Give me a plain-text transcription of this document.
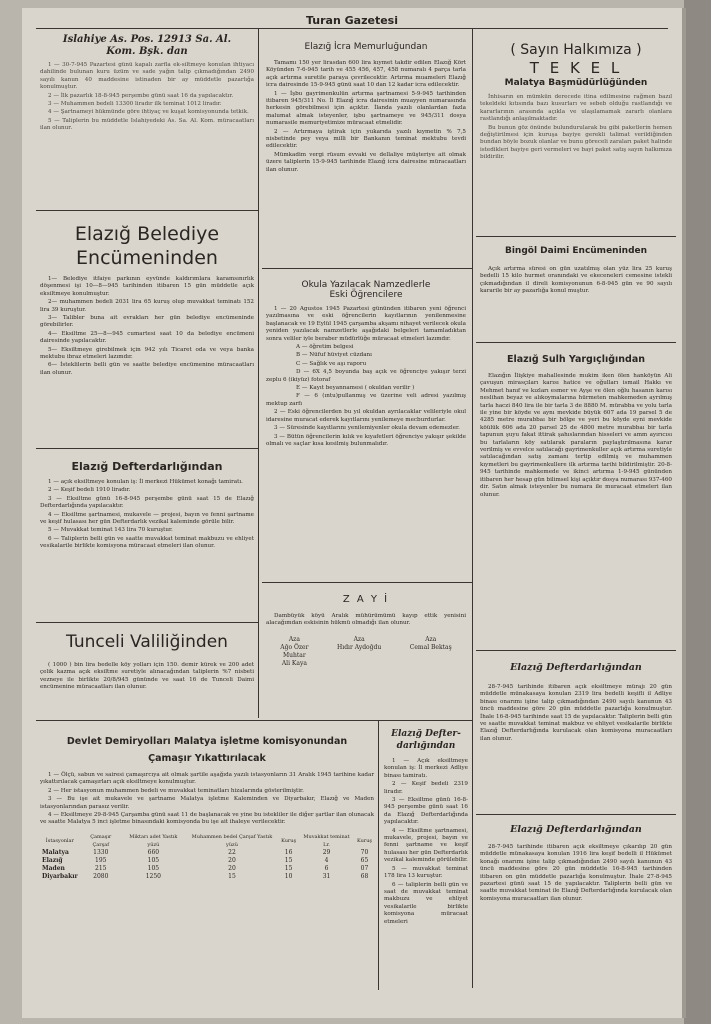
Turan Gazetesi
Islahiye As. Pos. 12913 Sa. Al.
Kom. Bşk. dan

1 — 30-7-945 Pazartesi günü kapalı zarfla ek-siltmeye konulan ihtiyacı dahilinde bulunan kuru üzüm ve sade yağın talip çıkmadığından 2490 sayılı kanun 40 maddesine istinaden bir ay müddetle pazarlığa konulmuştur.

2 — İlk pazarlık 18-8-945 perşembe günü saat 16 da yapılacaktır.

3 — Muhammen bedeli 13300 liradır ilk teminat 1012 liradır.

4 — Şartnameyi hükmünde göre ihtiyaç ve kuşat komisyonunda tetkik.

5 — Taliplerin bu müddetle Islahiyedeki As. Sa. Al. Kom. müracaatları ilan olunur.

Elazığ Belediye
Encümeninden

1— Belediye itfaiye parkının eyvünde kaldırımlara karamsınırlık döşenmesi işi 10—8—945 tarihinden itibaren 15 gün müddetle açık eksiltmeye konulmuştur.

2— muhammen bedeli 2031 lira 65 kuruş olup muvakkat teminatı 152 lira 39 kuruştur.

3— Talibler buna ait evrakları her gün belediye encümeninde görebilirler.

4— Eksiltme 25—8—945 cumartesi saat 10 da belediye encümeni dairesinde yapılacaktır.

5— Eksiltmeye girebilmek için 942 yılı Ticaret oda ve veya banka mektubu ibraz etmeleri lazımdır.

6— İsteklilerin belli gün ve saatte belediye encümenine müracaatları ilan olunur.

Elazığ Defterdarlığından

1 — açık eksiltmeye konulan iş: İl merkezi Hükümet konağı tamiratı.

2 — Keşif bedeli 1910 liradır.

3 — Eksiltme günü 16-8-945 perşembe günü saat 15 de Elazığ Defterdarlığında yapılacaktır.

4 — Eksiltme şartnamesi, mukavele — projesi, bayın ve fenni şartname ve keşif hulasası her gün Defterdarlık vezikal kaleminde görüle bilir.

5 — Muvakkat teminat 143 lira 70 kuruştur.

6 — Taliplerin belli gün ve saatte muvakkat teminat makbuzu ve ehliyet vesikalarile birlikte komisyona müracaat etmeleri ilan olunur.

Tunceli Valiliğinden

( 1000 ) bin lira bedelle köy yolları için 150. demir kürek ve 200 adet çelik kazma açık eksiltme suretiyle alınacağından taliplerin %7 nisbeti vezneye ile birlikte 20/8/945 gününde ve saat 16 de Tunceli Daimi encümenine müracaatları ilan olunur.

Elazığ İcra Memurluğundan

Tamamı 150 yer lirasdan 600 lira kıymet takdir edilen Elazığ Kört Köyünden 7-6-945 tarih ve 455 456, 457, 458 numaralı 4 parça tarla açık artırma suretile paraya çevrilecektir. Artırma muameleri Elazığ icra dairesinde 15-9-945 günü saat 10 dan 12 kadar icra edilecektir.

1 — İşbu gayrimenkulün artırma şartnamesi 5-9-945 tarihinden itibaren 945/311 No. İl Elazığ icra dairesinin muayyen numarasında herkesin görebilmesi için açıktır. İlanda yazılı olanlardan fazla malumat almak isteyenler, işbu şartnameye ve 945/311 dosya numarasile memuriyetimize müracaat etmelidir.

2 — Artırmaya iştirak için yukarıda yazılı kıymetin % 7,5 nisbetinde pey veya milli bir Bankanın teminat mektubu tevdi edilecektir.

Mümkadim vergi rüsum evvaki ve dellaliye müşteriye ait olmak üzere taliplerin 15-9-945 tarihinde Elazığ icra dairesine müracaatları ilan olunur.

Okula Yazılacak Namzedlerle
Eski Öğrencilere

1 — 20 Agustos 1945 Pazartesi gününden itibaren yeni öğrenci yazılmasına ve eski öğrencilerin kayıtlarının yenilenmesine başlanacak ve 19 Eylül 1945 çarşamba akşamı nihayet verilecek okula yeniden yazılacak namzetlerle aşağıdaki belgeleri tamamladıktan sonra veliler iyle beraber müdürlüğe müracaat etmeleri lazımdır.

A — öğretim belgesi

B — Nüfuf hüviyet cüzdanı

C — Sağlık ve aşı raporu

D — 6X 4,5 boyunda baş açık ve öğrenciye yakışır terzi zeplu 6 (ikiyüz) fotoraf

E — Kayıt beyannamesi ( okuldan verilir )

F — 6 (ıntu)pullanmış ve üzerine veli adresi yazılmış mektup zarfı

2 — Eski öğrencilerden bu yıl okuldan ayrılacaklar velileriyle okul idaresine muracat ederek kayıtlarını yenilemeye mecburdurlar.

3 — Süresinde kayıtlarını yenilemiyenler okula devam edemezler.

3 — Bütün öğrencilerin kılık ve kıyafetleri öğrenciye yakışır şekilde olmalı ve saçlar kısa kesilmiş bulunmalıdır.

Z A Y İ

Dambüyük köyü Aralık mühürümümü kayıp ettik yenisini alacağımdan eskisinin hükmü olmadığı ilan olunur.

Aza
Ağo Özer
Muhtar
Ali Kaya
Aza
Hıdır Aydoğdu
Aza
Cemal Bektaş
( Sayın Halkımıza )
T E K E L
Malatya Başmüdürlüğünden

İnhisarın en mümkün derecede itina edilmesine rağmen bazıl tekeldeki kıtısında bazı kusurları ve sebeb olduğu rastlandığı ve kararlarının arasında açıkla ve ulaşılamamak zararlı olanlara rastlandığı anlaşılmaktadır.

Bu bunun göz önünde bulundurularak bu gibi paketlerin hemen değiştirilmesi için kuruşa bayiye gerekli talimat verildiğinden bundan böyle bozuk olanlar ve bunu göreceli zaraları paket halinde istedikleri bayiye geri vermeleri ve bayi paket satış sayın halkımıza bildirilir.

Bingöl Daimi Encümeninden

Açık artırma süresi on gün uzatılmış olan yüz lira 25 kuruş bedelli 15 kilo hurmet oranındaki ve ekeceneleri cemesine istekli çıkmadığından il direli komisyonunun 6-8-945 gün ve 90 sayılı kararile bir ay pazarlığa konul muştur.

Elazığ Sulh Yargıçlığından

Elazığın İlişkiye mahallesinde mukim iken ölen hanköyün Ali çavuşun mirasçıları karısı hatice ve oğulları ismail Hakkı ve Mehmet hanıf ve kızları esmer ve Ayşe ve ölen oğlu hasanın karısı neslihan beyaz ve alıkoymalarına hürmeten mahkemeden ayrılmış tarla haczi 840 lira ile bir tarla 3 de 8880 M. mürabba ve yolu tarla ile yine bir köyde ve aynı mevkide büyük 607 ada 19 parsel 5 de 4285 metre murabbaı bir bölge ve yeri bu köyde eyni mevkide köülük 606 ada 20 parsel 25 de 4800 metre murabbaı bir tarla tapunun şuyu fakat ittirak şahıslarından hisseleri ve amm ayırıcısı bu tarlaların köy satılarak paraların paylaştırılmasına karar verilmiş ve evvelce satılacağı gayrimenkuller açık artırma suretiyle satılacağından satış zamanı tertip edilmiş ve muhammen kıymetleri bu gayrimenkullere ilk artırma tarihi bildirilmiştir. 20-8-945 tarihinde mahkemede ve ikinci artırma 1-9-945 gününden itibaren her hesap gün bilimsel kişi açıktır dosya numarası 937-460 dir. Satın almak isteyenler bu numara ile muracaat etmeleri ilan olunur.

Elazığ Defterdarlığından

28-7-945 tarihinde itibaren açık eksiltmeye mürajı 20 gün müddetle münakasaya konulan 2319 lira bedelli keşifli il Adliye binası onarımı işine talip çıkmadığından 2490 sayılı kanunun 43 üncü maddesine göre 20 gün müddetle pazarlığa konulmuştur. İhale 16-8-945 tarihinde saat 15 de yapılacaktır. Taliplerin belli gün ve saatte muvakkat teminat makbuz ve ehliyet vesikalarile birlikte Elazığ Defterdarlığında kurulacak olan komisyona muracaatları ilan olunur.

Elazığ Defterdarlığından

28-7-945 tarihinde itibaren açık eksiltmeye çıkarılıp 20 gün müddetle münakasaya konulan 1916 lira keşif bedelli il Hükümet konağı onarımı işine talip çıkmadığından 2490 sayılı kanunun 43 üncü maddesine göre 20 gün müddetle 16-8-945 tarihinden itibaren on gün müddetle pazarlığa konulmuştur. İhale 27-8-945 pazartesi günü saat 15 de yapılacaktır. Taliplerin belli gün ve saatte muvakkat teminat ile Elazığ Defterdarlığında kurulacak olan komisyona muracaatları ilan olunur.

Devlet Demiryolları Malatya işletme komisyonundan
Çamaşır Yıkattırılacak

1 — Ölçü, sabun ve sairesi çamaşırcıya ait olmak şartile aşağıda yazılı istasyonların 31 Aralık 1945 tarihine kadar yıkattırılacak çamaşırları açık eksiltmeye konulmuştur.

2 — Her istasyonun muhammen bedeli ve muvakkat teminatları hizalarında gösterilmiştir.

3 — Bu işe ait mukavele ve şartname Malatya işletme Kaleminden ve Diyarbakır, Elazığ ve Maden istasyonlarından parasız verilir.

4 — Eksiltmeye 29-8-945 Çarşamba günü saat 11 de başlanacak ve yine bu istekliler ile diğer şartlar ilan olunacak ve saatte Malatya 5 inci işletme binasındaki komisyonda bu işe ait ihaleye verilecektir.

İstasyonlar	Çamaşır Çarşaf	Miktarı adet Yastık yüzü	Muhammen bedel Çarşaf Yastık yüzü	Kuruş	Muvakkat teminat Lr.	Kuruş
Malatya	1330	660	22	16	29	70
Elazığ	195	105	20	15	4	65
Maden	215	105	20	15	6	07
Diyarbakır	2080	1250	15	10	31	68
Elazığ Defter-
darlığından

1 — Açık eksiltmeye konulan iş: İl merkezi Adliye binası tamiratı.

2 — Keşif bedeli 2319 liradır.

3 — Eksiltme günü 16-8-945 perşembe günü saat 16 da Elazığ Defterdarlığında yapılacaktır.

4 — Eksiltme şartnamesi, mukavele, projesi, bayın ve fenni şartname ve keşif hulasası her gün Defterdarlık vezikal kaleminde görülebilir.

5 — muvakkat teminat 178 lira 13 kuruştur.

6 — taliplerin belli gün ve saat de muvakkat teminat makbuzu ve ehliyet vesikalarile birlikte komisyona müracaat etmeleri
